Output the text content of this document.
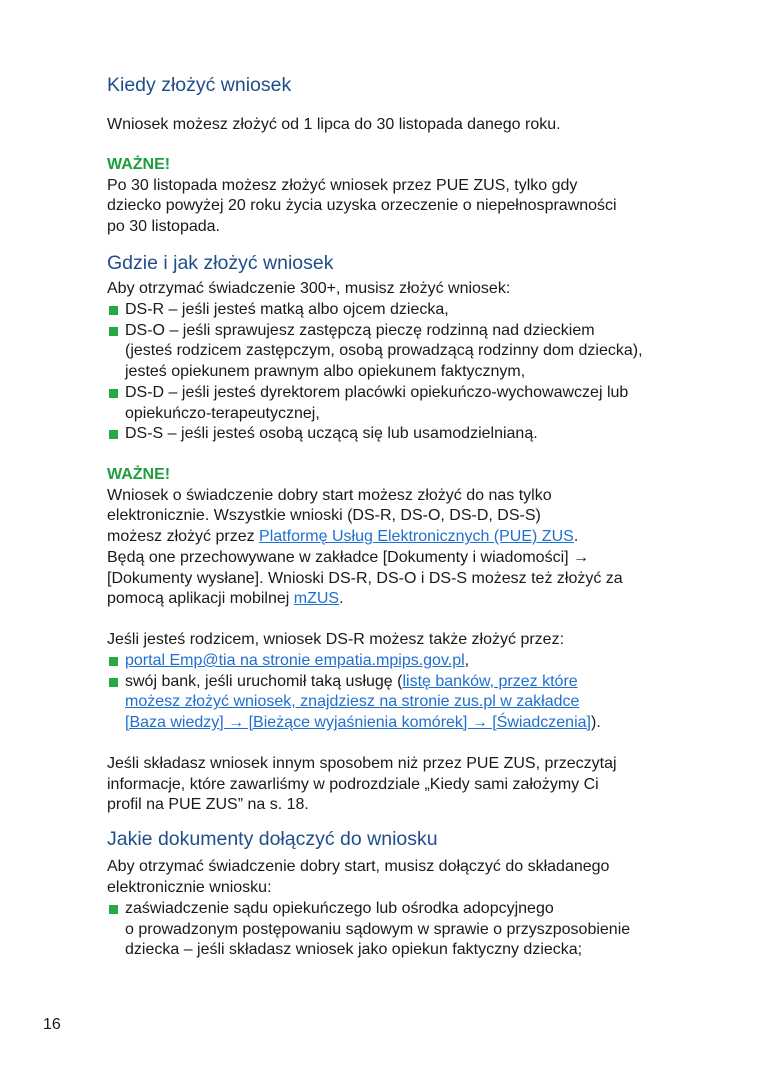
Kiedy złożyć wniosek

Wniosek możesz złożyć od 1 lipca do 30 listopada danego roku.

WAŻNE!
Po 30 listopada możesz złożyć wniosek przez PUE ZUS, tylko gdy
dziecko powyżej 20 roku życia uzyska orzeczenie o niepełnosprawności
po 30 listopada.

Gdzie i jak złożyć wniosek

Aby otrzymać świadczenie 300+, musisz złożyć wniosek:

DS-R – jeśli jesteś matką albo ojcem dziecka,
DS-O – jeśli sprawujesz zastępczą pieczę rodzinną nad dzieckiem
(jesteś rodzicem zastępczym, osobą prowadzącą rodzinny dom dziecka),
jesteś opiekunem prawnym albo opiekunem faktycznym,
DS-D – jeśli jesteś dyrektorem placówki opiekuńczo-wychowawczej lub
opiekuńczo-terapeutycznej,
DS-S – jeśli jesteś osobą uczącą się lub usamodzielnianą.

WAŻNE!
Wniosek o świadczenie dobry start możesz złożyć do nas tylko
elektronicznie. Wszystkie wnioski (DS-R, DS-O, DS-D, DS-S)
możesz złożyć przez Platformę Usług Elektronicznych (PUE) ZUS.
Będą one przechowywane w zakładce [Dokumenty i wiadomości] →
[Dokumenty wysłane]. Wnioski DS-R, DS-O i DS-S możesz też złożyć za
pomocą aplikacji mobilnej mZUS.

Jeśli jesteś rodzicem, wniosek DS-R możesz także złożyć przez:

portal Emp@tia na stronie empatia.mpips.gov.pl,
swój bank, jeśli uruchomił taką usługę (listę banków, przez które
możesz złożyć wniosek, znajdziesz na stronie zus.pl w zakładce
[Baza wiedzy] → [Bieżące wyjaśnienia komórek] → [Świadczenia]).

Jeśli składasz wniosek innym sposobem niż przez PUE ZUS, przeczytaj
informacje, które zawarliśmy w podrozdziale „Kiedy sami założymy Ci
profil na PUE ZUS” na s. 18.

Jakie dokumenty dołączyć do wniosku

Aby otrzymać świadczenie dobry start, musisz dołączyć do składanego
elektronicznie wniosku:

zaświadczenie sądu opiekuńczego lub ośrodka adopcyjnego
o prowadzonym postępowaniu sądowym w sprawie o przyszposobienie
dziecka – jeśli składasz wniosek jako opiekun faktyczny dziecka;
16
